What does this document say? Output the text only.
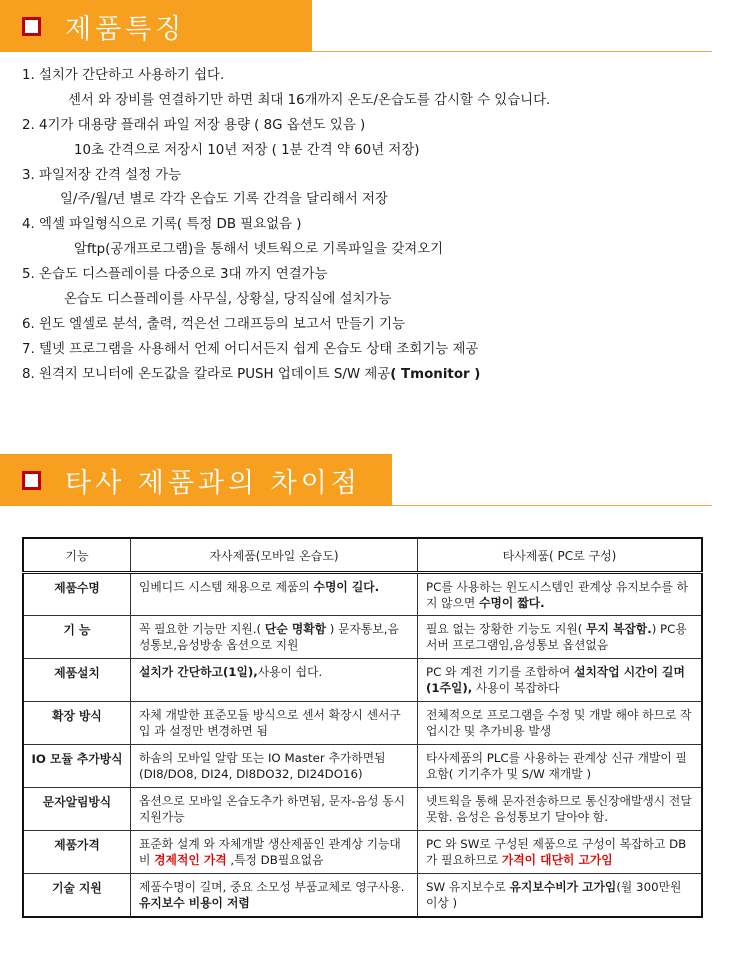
제품특징
1. 설치가 간단하고 사용하기 쉽다.
센서 와 장비를 연결하기만 하면 최대 16개까지 온도/온습도를 감시할 수 있습니다.
2. 4기가 대용량 플래쉬 파일 저장 용량 ( 8G 옵션도 있음 )
10초 간격으로 저장시 10년 저장 ( 1분 간격 약 60년 저장)
3. 파일저장 간격 설정 가능
일/주/월/년 별로 각각 온습도 기록 간격을 달리해서 저장
4. 엑셀 파일형식으로 기록( 특정 DB 필요없음 )
알ftp(공개프로그램)을 통해서 넷트웍으로 기록파일을 갖져오기
5. 온습도 디스플레이를 다중으로 3대 까지 연결가능
온습도 디스플레이를 사무실, 상황실, 당직실에 설치가능
6. 윈도 엘셀로 분석, 출력, 꺽은선 그래프등의 보고서 만들기 기능
7. 텔넷 프로그램을 사용해서 언제 어디서든지 쉽게 온습도 상태 조회기능 제공
8. 원격지 모니터에 온도값을 칼라로 PUSH 업데이트 S/W 제공( Tmonitor )
타사 제품과의 차이점
기능	자사제품(모바일 온습도)	타사제품( PC로 구성)
제품수명	임베디드 시스템 채용으로 제품의 수명이 길다.	PC를 사용하는 윈도시스템인 관계상 유지보수를 하지 않으면 수명이 짧다.
기 능	꼭 필요한 기능만 지원.( 단순 명확함 ) 문자통보,음성통보,음성방송 옵션으로 지원	필요 없는 장황한 기능도 지원( 무지 복잡함.) PC용 서버 프로그램임,음성통보 옵션없음
제품설치	설치가 간단하고(1일),사용이 쉽다.	PC 와 계전 기기를 조합하여 설치작업 시간이 길며 (1주일), 사용이 복잡하다
확장 방식	자체 개발한 표준모듈 방식으로 센서 확장시 센서구입 과 설정만 변경하면 됨	전체적으로 프로그램을 수정 및 개발 해야 하므로 작업시간 및 추가비용 발생
IO 모듈 추가방식	하솜의 모바일 알람 또는 IO Master 추가하면됨(DI8/DO8, DI24, DI8DO32, DI24DO16)	타사제품의 PLC를 사용하는 관계상 신규 개발이 필요함( 기기추가 및 S/W 재개발 )
문자알림방식	옵션으로 모바일 온습도추가 하면됨, 문자-음성 동시지원가능	넷트웍을 통해 문자전송하므로 통신장애발생시 전달 못함. 음성은 음성통보기 달아야 함.
제품가격	표준화 설계 와 자체개발 생산제품인 관계상 기능대비 경제적인 가격 ,특정 DB필요없음	PC 와 SW로 구성된 제품으로 구성이 복잡하고 DB가 필요하므로 가격이 대단히 고가임
기술 지원	제품수명이 길며, 중요 소모성 부품교체로 영구사용. 유지보수 비용이 저렴	SW 유지보수로 유지보수비가 고가임(월 300만원 이상 )
